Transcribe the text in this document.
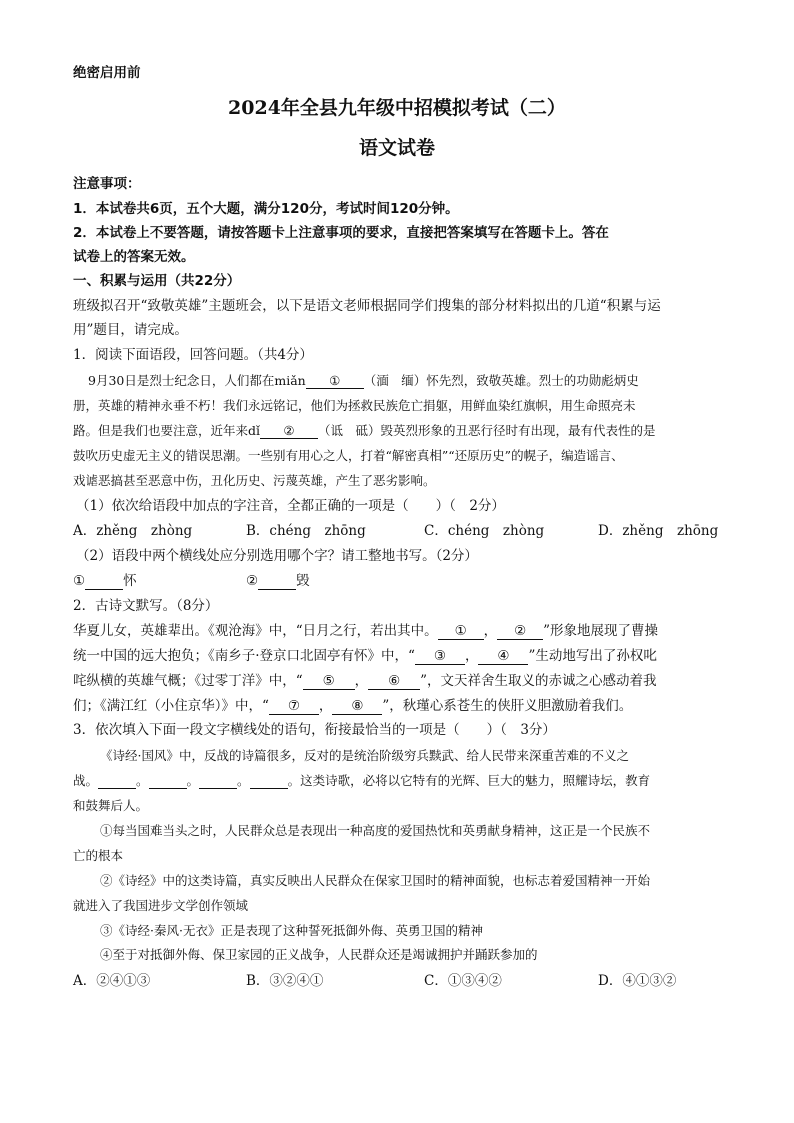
绝密启用前
2024年全县九年级中招模拟考试（二）
语文试卷
注意事项：
1．本试卷共6页，五个大题，满分120分，考试时间120分钟。
2．本试卷上不要答题，请按答题卡上注意事项的要求，直接把答案填写在答题卡上。答在
试卷上的答案无效。
一、积累与运用（共22分）
班级拟召开“致敬英雄”主题班会，以下是语文老师根据同学们搜集的部分材料拟出的几道“积累与运
用”题目，请完成。
1．阅读下面语段，回答问题。（共4分）
9月30日是烈士纪念日，人们都在miǎn ① （湎　缅）怀先烈，致敬英雄。烈士的功勋彪炳史
册，英雄的精神永垂不朽！我们永远铭记，他们为拯救民族危亡捐躯，用鲜血染红旗帜，用生命照亮未
路。但是我们也要注意，近年来dǐ ② （诋　砥）毁英烈形象的丑恶行径时有出现，最有代表性的是
鼓吹历史虚无主义的错误思潮。一些别有用心之人，打着“解密真相”“还原历史”的幌子，编造谣言、
戏谑恶搞甚至恶意中伤，丑化历史、污蔑英雄，产生了恶劣影响。
（1）依次给语段中加点的字注音，全都正确的一项是（　　）（　2分）
A．zhěng　zhòng	B．chéng　zhōng	C．chéng　zhòng	D．zhěng　zhōng
（2）语段中两个横线处应分别选用哪个字？请工整地书写。（2分）
①	怀	②	毁
2．古诗文默写。（8分）
华夏儿女，英雄辈出。《观沧海》中，“日月之行，若出其中。 ① ， ② ”形象地展现了曹操
统一中国的远大抱负；《南乡子·登京口北固亭有怀》中，“ ③ ， ④ ”生动地写出了孙权叱
咤纵横的英雄气概；《过零丁洋》中，“ ⑤ ， ⑥ ”，文天祥舍生取义的赤诚之心感动着我
们；《满江红（小住京华）》中，“ ⑦ ， ⑧ ”，秋瑾心系苍生的侠肝义胆激励着我们。
3．依次填入下面一段文字横线处的语句，衔接最恰当的一项是（　　）（　3分）
《诗经·国风》中，反战的诗篇很多，反对的是统治阶级穷兵黩武、给人民带来深重苦难的不义之
战。	。	。	。	。这类诗歌，必将以它特有的光辉、巨大的魅力，照耀诗坛，教育
和鼓舞后人。
①每当国难当头之时，人民群众总是表现出一种高度的爱国热忱和英勇献身精神，这正是一个民族不
亡的根本
②《诗经》中的这类诗篇，真实反映出人民群众在保家卫国时的精神面貌，也标志着爱国精神一开始
就进入了我国进步文学创作领域
③《诗经·秦风·无衣》正是表现了这种誓死抵御外侮、英勇卫国的精神
④至于对抵御外侮、保卫家园的正义战争，人民群众还是竭诚拥护并踊跃参加的
A．②④①③	B．③②④①	C．①③④②	D．④①③②
